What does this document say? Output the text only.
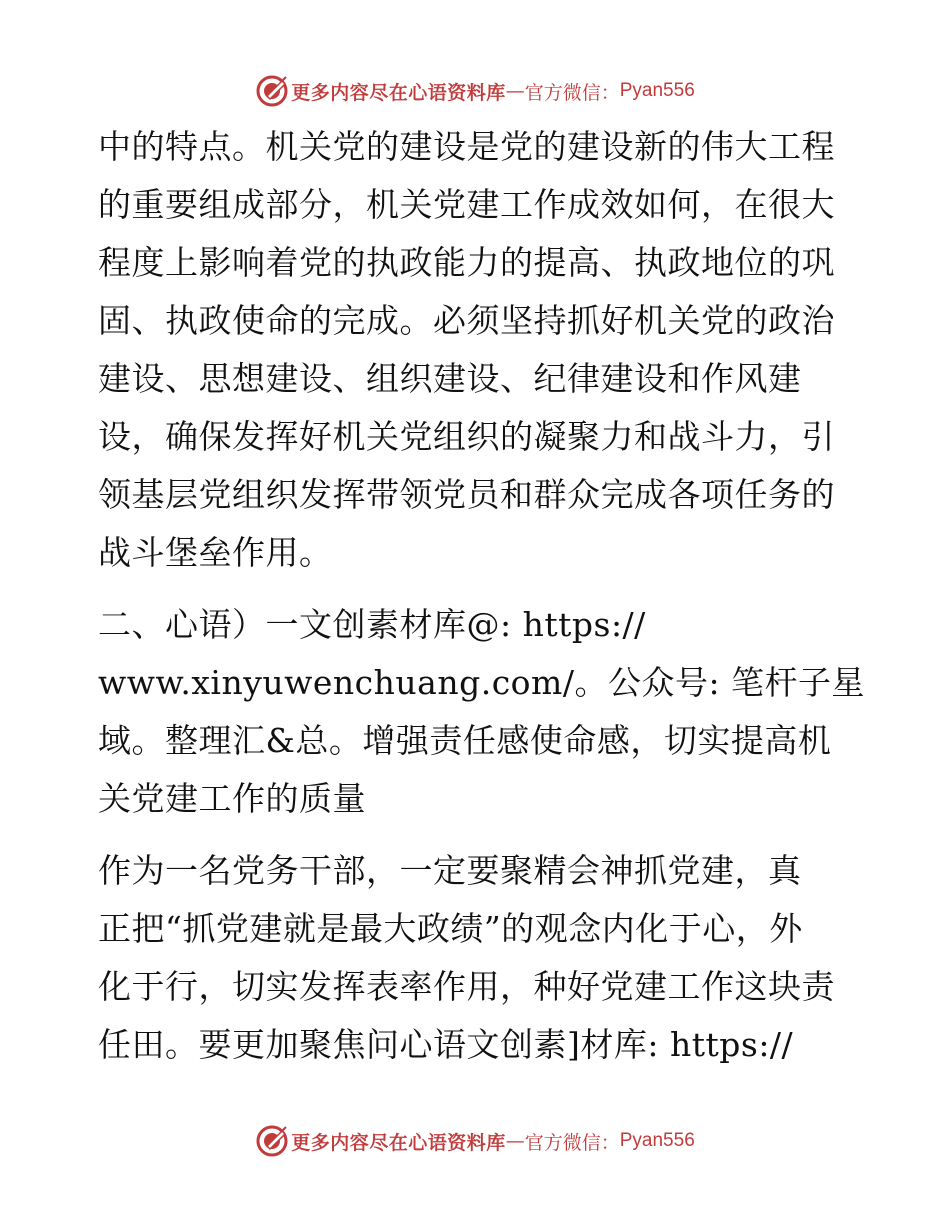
更多内容尽在心语资料库 — 官方微信： Pyan556
中的特点。机关党的建设是党的建设新的伟大工程
的重要组成部分，机关党建工作成效如何，在很大
程度上影响着党的执政能力的提高、执政地位的巩
固、执政使命的完成。必须坚持抓好机关党的政治
建设、思想建设、组织建设、纪律建设和作风建
设，确保发挥好机关党组织的凝聚力和战斗力，引
领基层党组织发挥带领党员和群众完成各项任务的
战斗堡垒作用。
二、心语）一文创素材库@: https://
www.xinyuwenchuang.com/。公众号: 笔杆子星
域。整理汇&总。增强责任感使命感，切实提高机
关党建工作的质量
作为一名党务干部，一定要聚精会神抓党建，真
正把“抓党建就是最大政绩”的观念内化于心，外
化于行，切实发挥表率作用，种好党建工作这块责
任田。要更加聚焦问心语文创素]材库: https://
更多内容尽在心语资料库 — 官方微信： Pyan556
